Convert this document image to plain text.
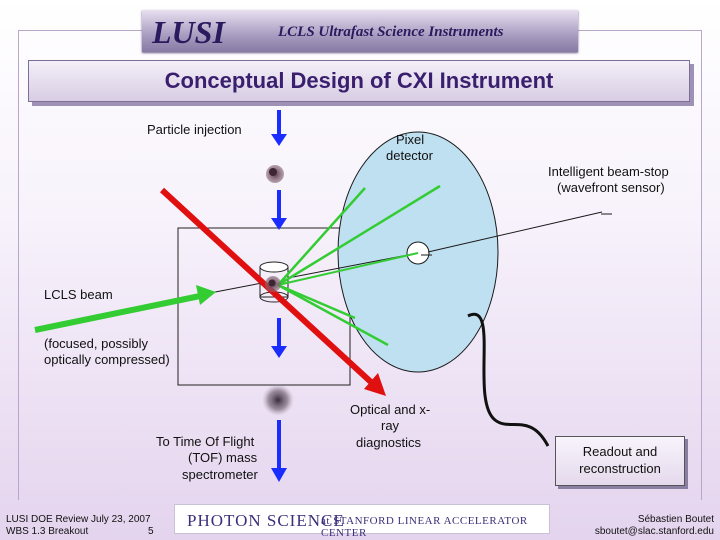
LUSI	LCLS Ultrafast Science Instruments
Conceptual Design of CXI Instrument
Particle injection
Pixel
detector
Intelligent beam-stop
(wavefront sensor)
LCLS beam
(focused, possibly
optically compressed)
To Time Of Flight
(TOF) mass
spectrometer
Optical and x-
ray
diagnostics
Readout and
reconstruction
LUSI DOE Review July 23, 2007
WBS 1.3 Breakout	5
PHOTON SCIENCE
at STANFORD LINEAR ACCELERATOR CENTER
Sébastien Boutet
sboutet@slac.stanford.edu
